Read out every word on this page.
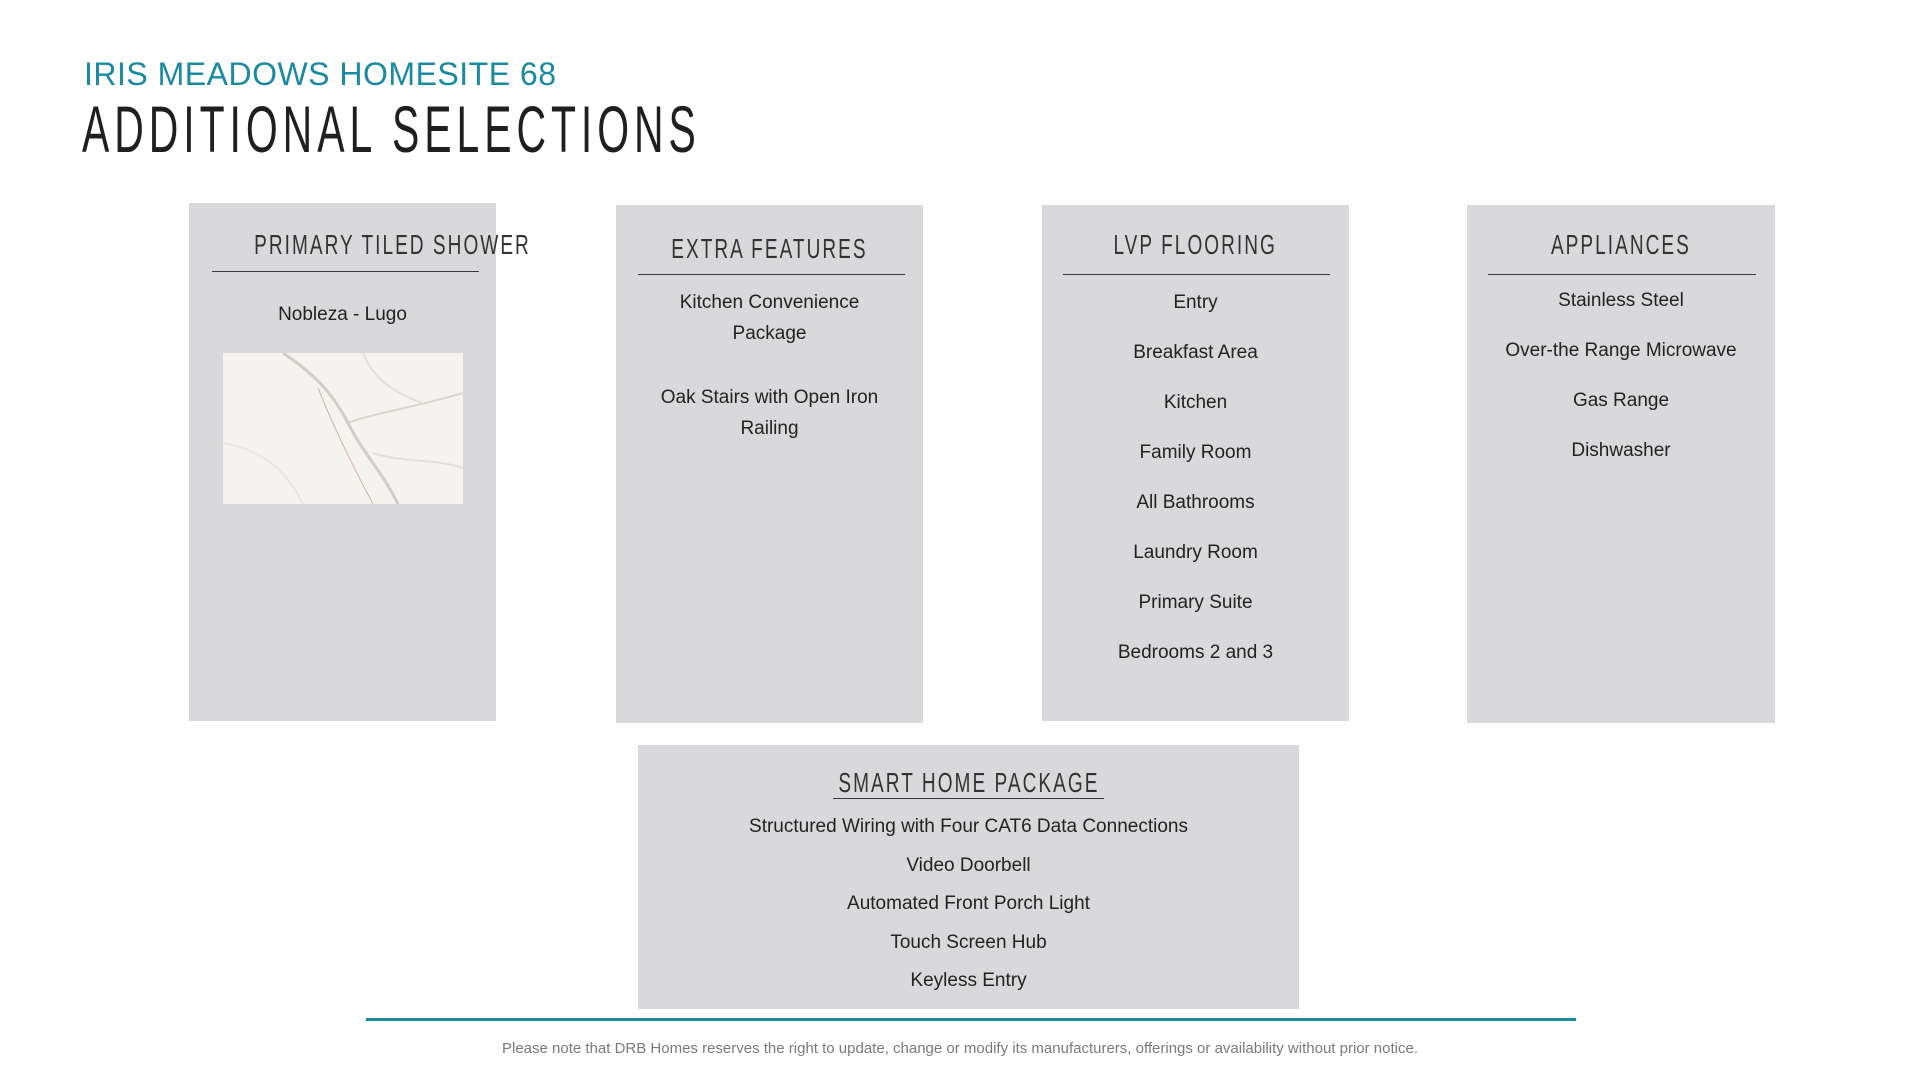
IRIS MEADOWS HOMESITE 68
ADDITIONAL SELECTIONS
PRIMARY TILED SHOWER
Nobleza - Lugo
EXTRA FEATURES
Kitchen Convenience
Package
Oak Stairs with Open Iron
Railing
LVP FLOORING
Entry
Breakfast Area
Kitchen
Family Room
All Bathrooms
Laundry Room
Primary Suite
Bedrooms 2 and 3
APPLIANCES
Stainless Steel
Over-the Range Microwave
Gas Range
Dishwasher
SMART HOME PACKAGE
Structured Wiring with Four CAT6 Data Connections
Video Doorbell
Automated Front Porch Light
Touch Screen Hub
Keyless Entry
Please note that DRB Homes reserves the right to update, change or modify its manufacturers, offerings or availability without prior notice.
